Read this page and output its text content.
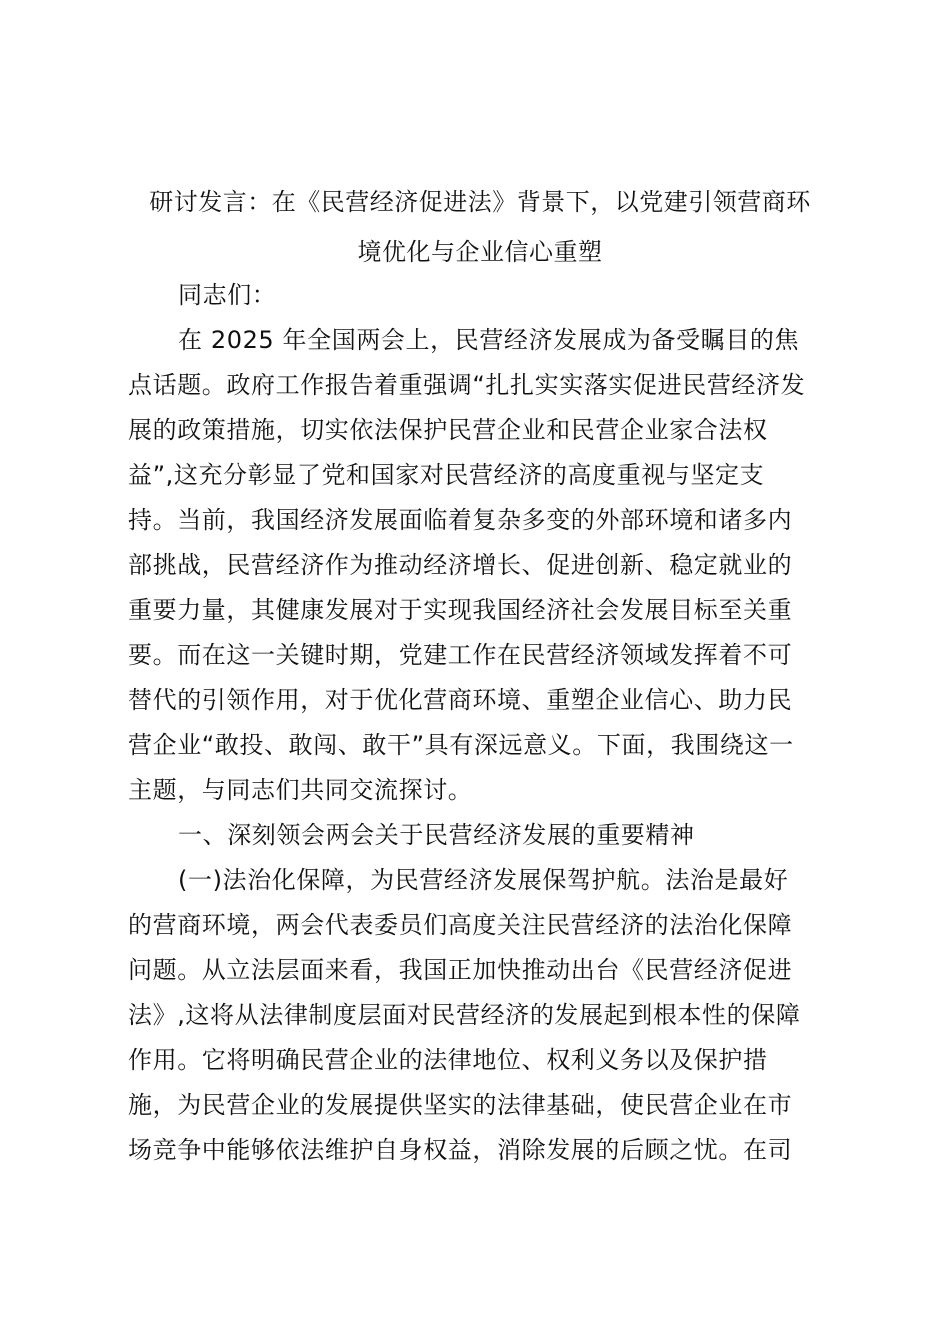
研讨发言：在《民营经济促进法》背景下，以党建引领营商环
境优化与企业信心重塑
同志们：
在 2025 年全国两会上，民营经济发展成为备受瞩目的焦
点话题。政府工作报告着重强调“扎扎实实落实促进民营经济发
展的政策措施，切实依法保护民营企业和民营企业家合法权
益”,这充分彰显了党和国家对民营经济的高度重视与坚定支
持。当前，我国经济发展面临着复杂多变的外部环境和诸多内
部挑战，民营经济作为推动经济增长、促进创新、稳定就业的
重要力量，其健康发展对于实现我国经济社会发展目标至关重
要。而在这一关键时期，党建工作在民营经济领域发挥着不可
替代的引领作用，对于优化营商环境、重塑企业信心、助力民
营企业“敢投、敢闯、敢干”具有深远意义。下面，我围绕这一
主题，与同志们共同交流探讨。
一、深刻领会两会关于民营经济发展的重要精神
(一)法治化保障，为民营经济发展保驾护航。法治是最好
的营商环境，两会代表委员们高度关注民营经济的法治化保障
问题。从立法层面来看，我国正加快推动出台《民营经济促进
法》,这将从法律制度层面对民营经济的发展起到根本性的保障
作用。它将明确民营企业的法律地位、权利义务以及保护措
施，为民营企业的发展提供坚实的法律基础，使民营企业在市
场竞争中能够依法维护自身权益，消除发展的后顾之忧。在司
